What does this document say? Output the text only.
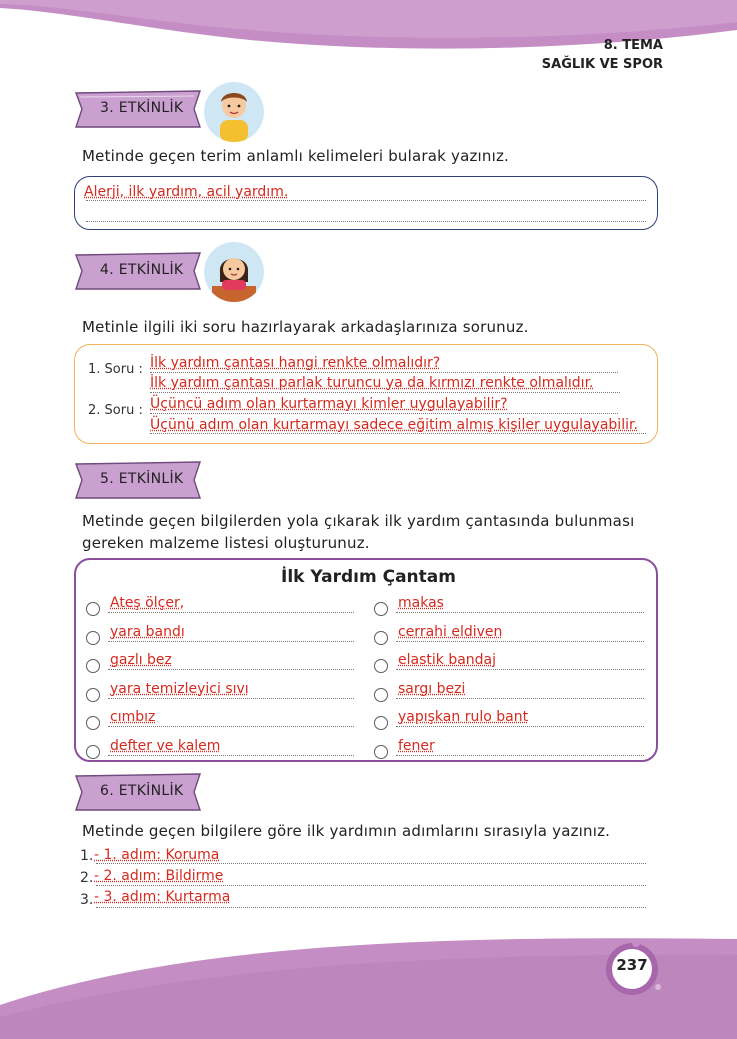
8. TEMA
SAĞLIK VE SPOR
3. ETKİNLİK
Metinde geçen terim anlamlı kelimeleri bularak yazınız.
Alerji, ilk yardım, acil yardım.
4. ETKİNLİK
Metinle ilgili iki soru hazırlayarak arkadaşlarınıza sorunuz.
1. Soru :
2. Soru :
İlk yardım çantası hangi renkte olmalıdır?
İlk yardım çantası parlak turuncu ya da kırmızı renkte olmalıdır.
Üçüncü adım olan kurtarmayı kimler uygulayabilir?
Üçünü adım olan kurtarmayı sadece eğitim almış kişiler uygulayabilir.
5. ETKİNLİK
Metinde geçen bilgilerden yola çıkarak ilk yardım çantasında bulunması
gereken malzeme listesi oluşturunuz.
İlk Yardım Çantam
Ateş ölçer,
yara bandı
gazlı bez
yara temizleyici sıvı
cımbız
defter ve kalem
makas
cerrahi eldiven
elastik bandaj
sargı bezi
yapışkan rulo bant
fener
6. ETKİNLİK
Metinde geçen bilgilere göre ilk yardımın adımlarını sırasıyla yazınız.
1.
2.
3.
- 1. adım: Koruma
- 2. adım: Bildirme
- 3. adım: Kurtarma
237
